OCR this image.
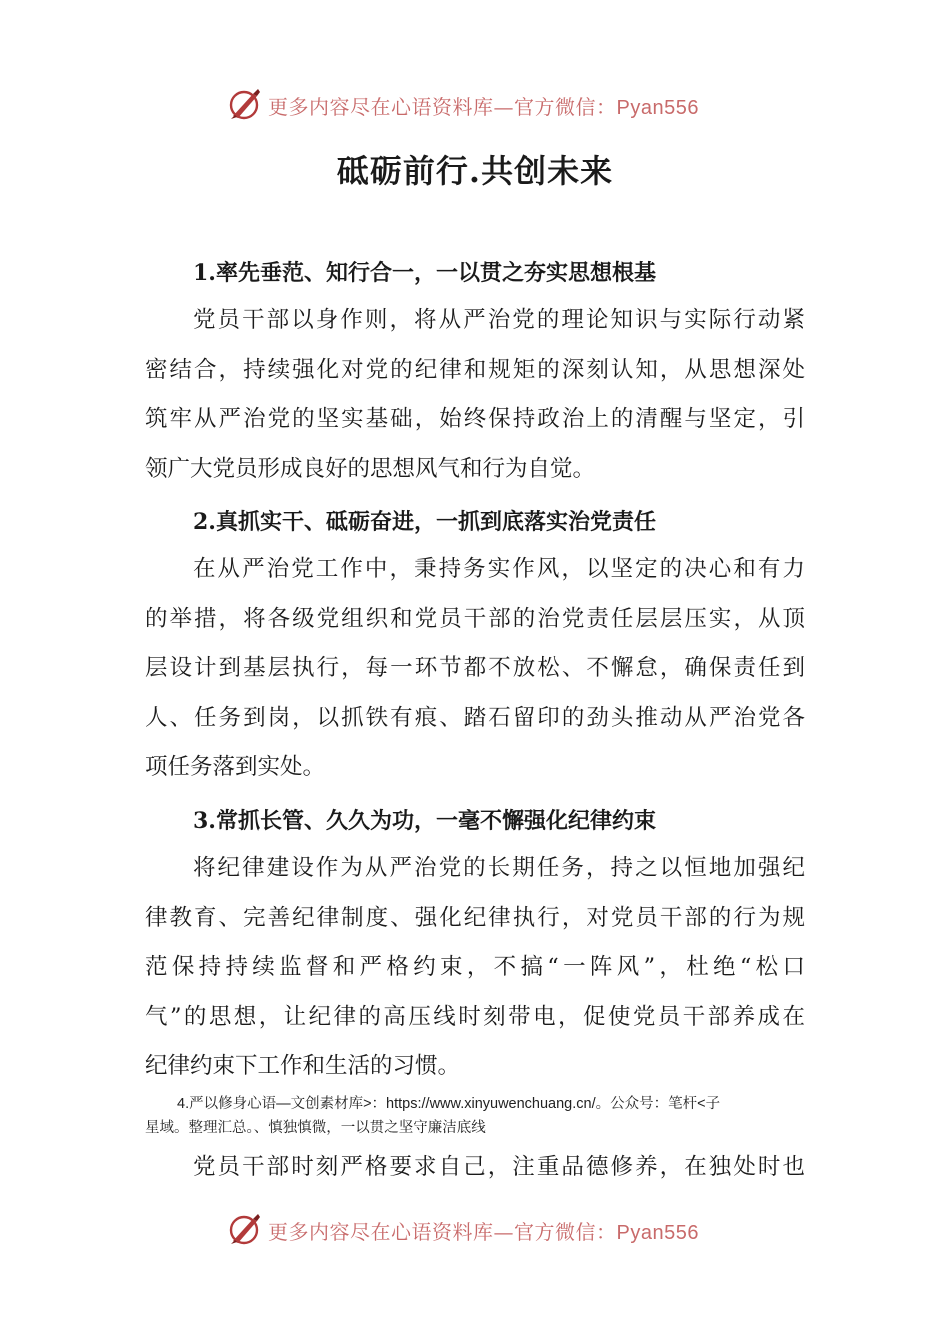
更多内容尽在心语资料库—官方微信：Pyan556
砥砺前行.共创未来
1.率先垂范、知行合一，一以贯之夯实思想根基
党员干部以身作则，将从严治党的理论知识与实际行动紧
密结合，持续强化对党的纪律和规矩的深刻认知，从思想深处
筑牢从严治党的坚实基础，始终保持政治上的清醒与坚定，引
领广大党员形成良好的思想风气和行为自觉。
2.真抓实干、砥砺奋进，一抓到底落实治党责任
在从严治党工作中，秉持务实作风，以坚定的决心和有力
的举措，将各级党组织和党员干部的治党责任层层压实，从顶
层设计到基层执行，每一环节都不放松、不懈怠，确保责任到
人、任务到岗，以抓铁有痕、踏石留印的劲头推动从严治党各
项任务落到实处。
3.常抓长管、久久为功，一毫不懈强化纪律约束
将纪律建设作为从严治党的长期任务，持之以恒地加强纪
律教育、完善纪律制度、强化纪律执行，对党员干部的行为规
范保持持续监督和严格约束，不搞“一阵风”，杜绝“松口
气”的思想，让纪律的高压线时刻带电，促使党员干部养成在
纪律约束下工作和生活的习惯。
4.严以修身心语—文创素材库>：https://www.xinyuwenchuang.cn/。公众号：笔杆<子
星域。整理汇总。、慎独慎微，一以贯之坚守廉洁底线
党员干部时刻严格要求自己，注重品德修养，在独处时也
更多内容尽在心语资料库—官方微信：Pyan556
